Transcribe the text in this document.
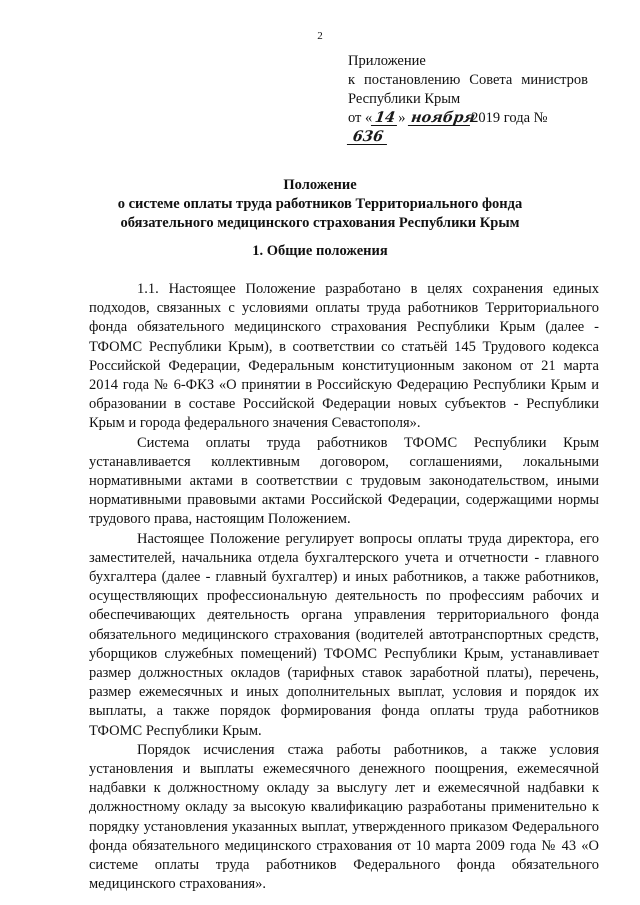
2
Приложение
к постановлению Совета министров
Республики Крым
от « 14 » ноября2019 года № 636
Положение
о системе оплаты труда работников Территориального фонда
обязательного медицинского страхования Республики Крым
1. Общие положения

1.1. Настоящее Положение разработано в целях сохранения единых подходов, связанных с условиями оплаты труда работников Территориального фонда обязательного медицинского страхования Республики Крым (далее - ТФОМС Республики Крым), в соответствии со статьёй 145 Трудового кодекса Российской Федерации, Федеральным конституционным законом от 21 марта 2014 года № 6-ФКЗ «О принятии в Российскую Федерацию Республики Крым и образовании в составе Российской Федерации новых субъектов - Республики Крым и города федерального значения Севастополя».

Система оплаты труда работников ТФОМС Республики Крым устанавливается коллективным договором, соглашениями, локальными нормативными актами в соответствии с трудовым законодательством, иными нормативными правовыми актами Российской Федерации, содержащими нормы трудового права, настоящим Положением.

Настоящее Положение регулирует вопросы оплаты труда директора, его заместителей, начальника отдела бухгалтерского учета и отчетности - главного бухгалтера (далее - главный бухгалтер) и иных работников, а также работников, осуществляющих профессиональную деятельность по профессиям рабочих и обеспечивающих деятельность органа управления территориального фонда обязательного медицинского страхования (водителей автотранспортных средств, уборщиков служебных помещений) ТФОМС Республики Крым, устанавливает размер должностных окладов (тарифных ставок заработной платы), перечень, размер ежемесячных и иных дополнительных выплат, условия и порядок их выплаты, а также порядок формирования фонда оплаты труда работников ТФОМС Республики Крым.

Порядок исчисления стажа работы работников, а также условия установления и выплаты ежемесячного денежного поощрения, ежемесячной надбавки к должностному окладу за выслугу лет и ежемесячной надбавки к должностному окладу за высокую квалификацию разработаны применительно к порядку установления указанных выплат, утвержденного приказом Федерального фонда обязательного медицинского страхования от 10 марта 2009 года № 43 «О системе оплаты труда работников Федерального фонда обязательного медицинского страхования».
